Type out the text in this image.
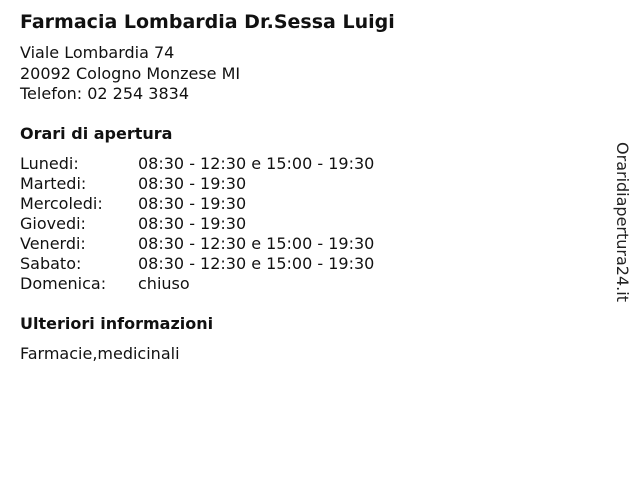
Farmacia Lombardia Dr.Sessa Luigi
Viale Lombardia 74
20092 Cologno Monzese MI
Telefon: 02 254 3834
Orari di apertura
Lunedi:	08:30 - 12:30 e 15:00 - 19:30
Martedi:	08:30 - 19:30
Mercoledi:	08:30 - 19:30
Giovedi:	08:30 - 19:30
Venerdi:	08:30 - 12:30 e 15:00 - 19:30
Sabato:	08:30 - 12:30 e 15:00 - 19:30
Domenica:	chiuso
Ulteriori informazioni
Farmacie,medicinali
Oraridiapertura24.it
